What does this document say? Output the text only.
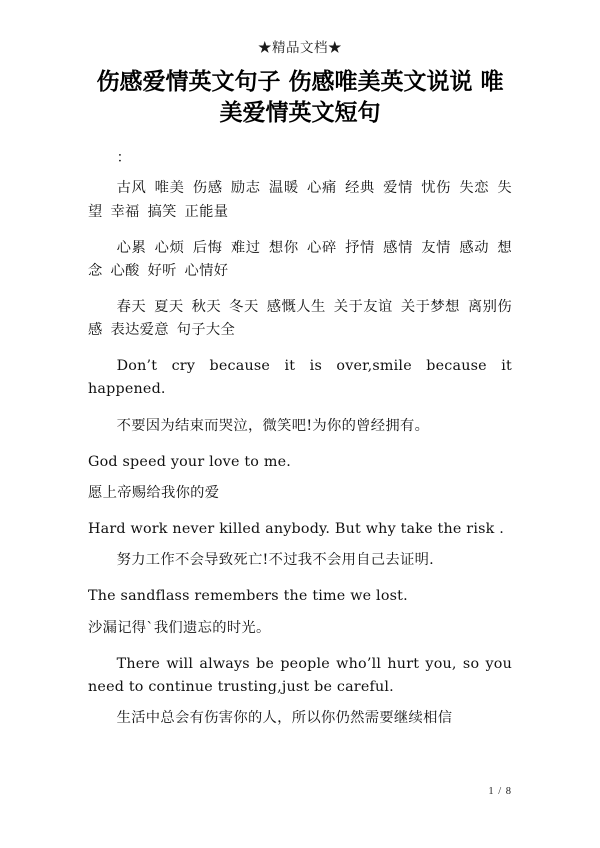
★精品文档★
伤感爱情英文句子 伤感唯美英文说说 唯
美爱情英文短句
：

古风 唯美 伤感 励志 温暖 心痛 经典 爱情 忧伤 失恋 失望 幸福 搞笑 正能量

心累 心烦 后悔 难过 想你 心碎 抒情 感情 友情 感动 想念 心酸 好听 心情好

春天 夏天 秋天 冬天 感慨人生 关于友谊 关于梦想 离别伤感 表达爱意 句子大全

Don’t cry because it is over,smile because it happened.

不要因为结束而哭泣，微笑吧!为你的曾经拥有。

God speed your love to me.

愿上帝赐给我你的爱

Hard work never killed anybody. But why take the risk .

努力工作不会导致死亡!不过我不会用自己去证明.

The sandflass remembers the time we lost.

沙漏记得`我们遗忘的时光。

There will always be people who’ll hurt you, so you need to continue trusting,just be careful.

生活中总会有伤害你的人，所以你仍然需要继续相信

1 / 8
